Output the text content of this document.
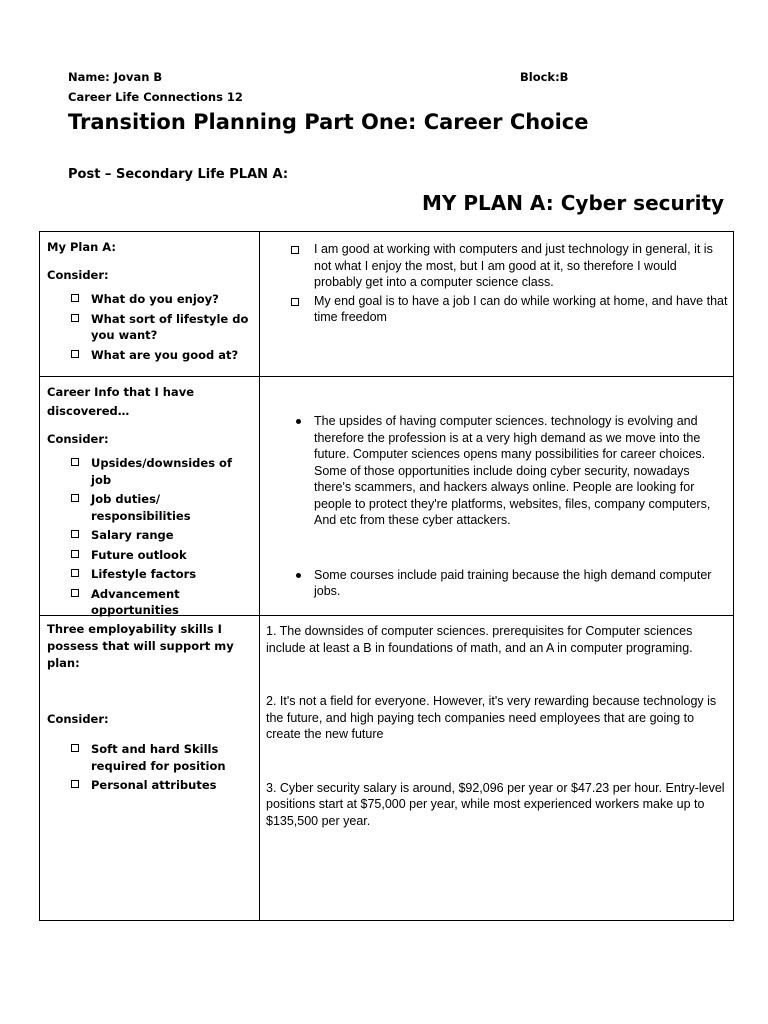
Name: Jovan B
Career Life Connections 12
Block:B
Transition Planning Part One: Career Choice
Post – Secondary Life PLAN A:
MY PLAN A: Cyber security
My Plan A:
Consider:
What do you enjoy?
What sort of lifestyle do you want?
What are you good at?

I am good at working with computers and just technology in general, it is not what I enjoy the most, but I am good at it, so therefore I would probably get into a computer science class.

My end goal is to have a job I can do while working at home, and have that time freedom

Career Info that I have discovered…
Consider:
Upsides/downsides of job
Job duties/ responsibilities
Salary range
Future outlook
Lifestyle factors
Advancement opportunities

The upsides of having computer sciences. technology is evolving and therefore the profession is at a very high demand as we move into the future. Computer sciences opens many possibilities for career choices. Some of those opportunities include doing cyber security, nowadays there's scammers, and hackers always online. People are looking for people to protect they're platforms, websites, files, company computers, And etc from these cyber attackers.

Some courses include paid training because the high demand computer jobs.

Three employability skills I possess that will support my plan:
Consider:
Soft and hard Skills required for position
Personal attributes

1. The downsides of computer sciences. prerequisites for Computer sciences include at least a B in foundations of math, and an A in computer programing.

2. It's not a field for everyone. However, it's very rewarding because technology is the future, and high paying tech companies need employees that are going to create the new future

3. Cyber security salary is around, $92,096 per year or $47.23 per hour. Entry-level positions start at $75,000 per year, while most experienced workers make up to $135,500 per year.
